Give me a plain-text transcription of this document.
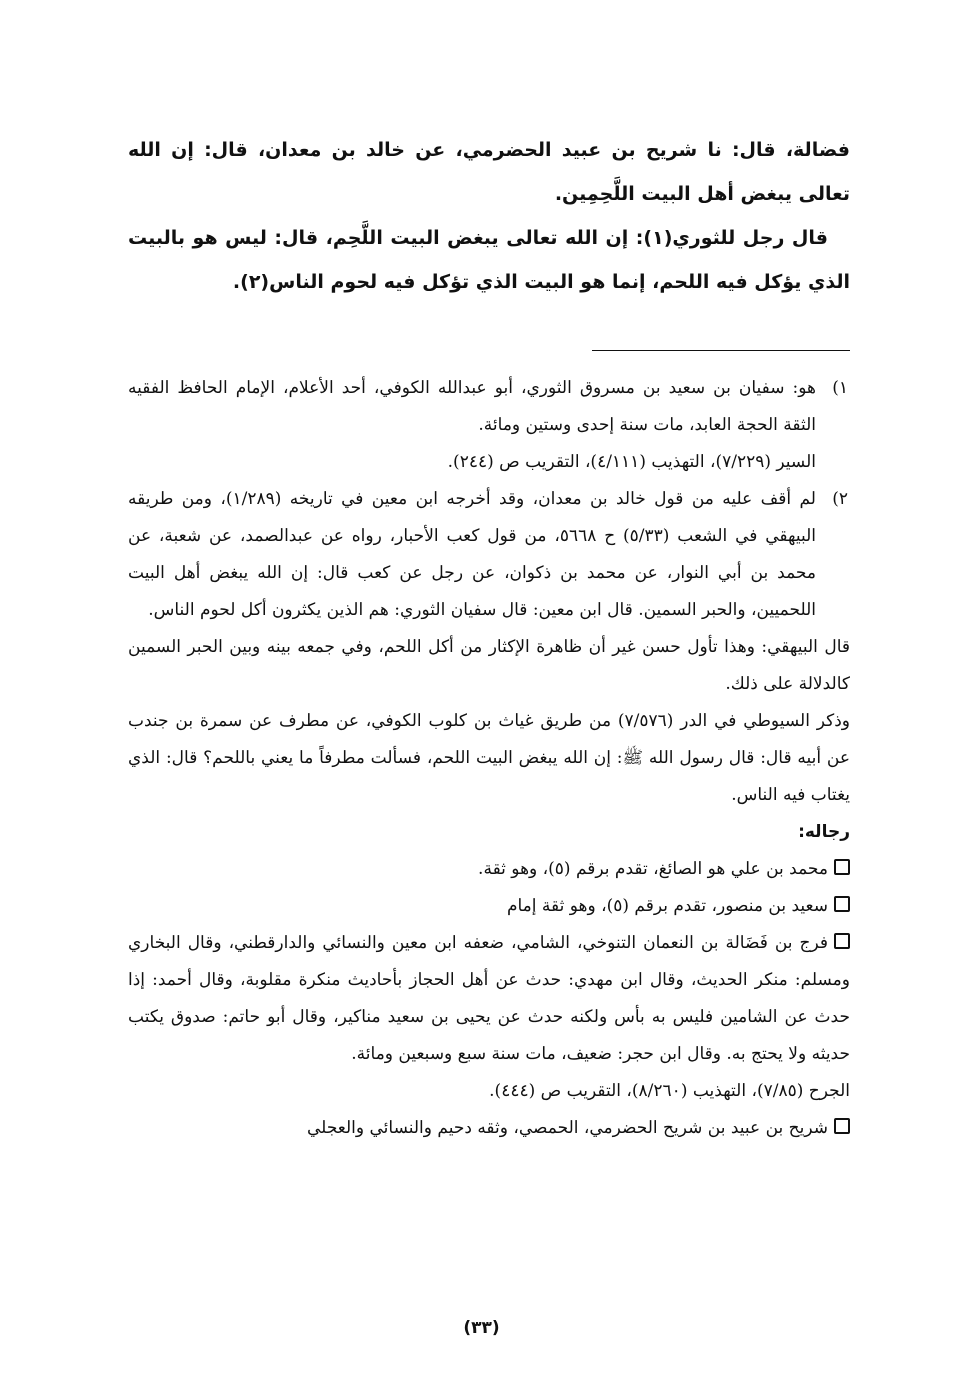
فضالة، قال: نا شريح بن عبيد الحضرمي، عن خالد بن معدان، قال: إن الله تعالى يبغض أهل البيت اللَّحِمِين.

قال رجل للثوري(١): إن الله تعالى يبغض البيت اللَّحِم، قال: ليس هو بالبيت الذي يؤكل فيه اللحم، إنما هو البيت الذي تؤكل فيه لحوم الناس(٢).

١)

هو: سفيان بن سعيد بن مسروق الثوري، أبو عبدالله الكوفي، أحد الأعلام، الإمام الحافظ الفقيه الثقة الحجة العابد، مات سنة إحدى وستين ومائة.

السير (٧/٢٢٩)، التهذيب (٤/١١١)، التقريب ص (٢٤٤).

٢)

لم أقف عليه من قول خالد بن معدان، وقد أخرجه ابن معين في تاريخه (١/٢٨٩)، ومن طريقه البيهقي في الشعب (٥/٣٣) ح ٥٦٦٨، من قول كعب الأحبار، رواه عن عبدالصمد، عن شعبة، عن محمد بن أبي النوار، عن محمد بن ذكوان، عن رجل عن كعب قال: إن الله يبغض أهل البيت اللحميين، والحبر السمين. قال ابن معين: قال سفيان الثوري: هم الذين يكثرون أكل لحوم الناس.

قال البيهقي: وهذا تأول حسن غير أن ظاهرة الإكثار من أكل اللحم، وفي جمعه بينه وبين الحبر السمين كالدلالة على ذلك.

وذكر السيوطي في الدر (٧/٥٧٦) من طريق غياث بن كلوب الكوفي، عن مطرف عن سمرة بن جندب عن أبيه قال: قال رسول الله ﷺ: إن الله يبغض البيت اللحم، فسألت مطرفاً ما يعني باللحم؟ قال: الذي يغتاب فيه الناس.

رجاله:

محمد بن علي هو الصائغ، تقدم برقم (٥)، وهو ثقة.

سعيد بن منصور، تقدم برقم (٥)، وهو ثقة إمام

فرج بن فَضَالة بن النعمان التنوخي، الشامي، ضعفه ابن معين والنسائي والدارقطني، وقال البخاري ومسلم: منكر الحديث، وقال ابن مهدي: حدث عن أهل الحجاز بأحاديث منكرة مقلوبة، وقال أحمد: إذا حدث عن الشامين فليس به بأس ولكنه حدث عن يحيى بن سعيد مناكير، وقال أبو حاتم: صدوق يكتب حديثه ولا يحتج به. وقال ابن حجر: ضعيف، مات سنة سبع وسبعين ومائة.

الجرح (٧/٨٥)، التهذيب (٨/٢٦٠)، التقريب ص (٤٤٤).

شريح بن عبيد بن شريح الحضرمي، الحمصي، وثقه دحيم والنسائي والعجلي

(٣٣)
